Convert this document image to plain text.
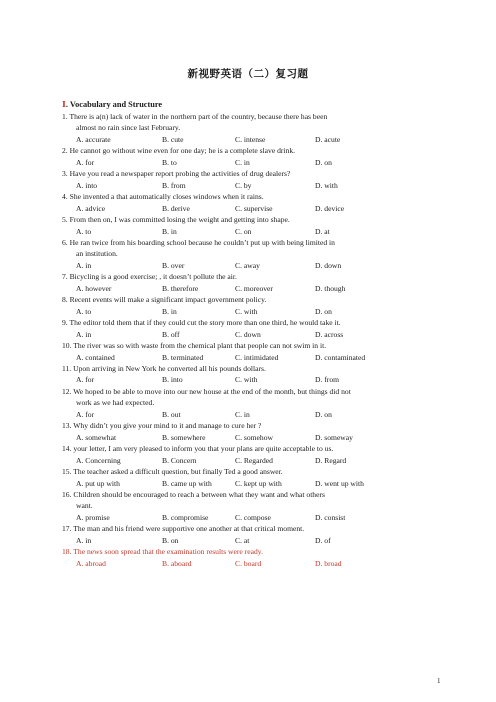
新视野英语（二）复习题
Ⅰ. Vocabulary and Structure
1. There is a(n) lack of water in the northern part of the country, because there has been
almost no rain since last February.
A. accurate	B. cute	C. intense	D. acute
2. He cannot go without wine even for one day; he is a complete slave drink.
A. for	B. to	C. in	D. on
3. Have you read a newspaper report probing the activities of drug dealers?
A. into	B. from	C. by	D. with
4. She invented a that automatically closes windows when it rains.
A. advice	B. derive	C. supervise	D. device
5. From then on, I was committed losing the weight and getting into shape.
A. to	B. in	C. on	D. at
6. He ran twice from his boarding school because he couldn’t put up with being limited in
an institution.
A. in	B. over	C. away	D. down
7. Bicycling is a good exercise; , it doesn’t pollute the air.
A. however	B. therefore	C. moreover	D. though
8. Recent events will make a significant impact government policy.
A. to	B. in	C. with	D. on
9. The editor told them that if they could cut the story more than one third, he would take it.
A. in	B. off	C. down	D. across
10. The river was so with waste from the chemical plant that people can not swim in it.
A. contained	B. terminated	C. intimidated	D. contaminated
11. Upon arriving in New York he converted all his pounds dollars.
A. for	B. into	C. with	D. from
12. We hoped to be able to move into our new house at the end of the month, but things did not
work as we had expected.
A. for	B. out	C. in	D. on
13. Why didn’t you give your mind to it and manage to cure her ?
A. somewhat	B. somewhere	C. somehow	D. someway
14. your letter, I am very pleased to inform you that your plans are quite acceptable to us.
A. Concerning	B. Concern	C. Regarded	D. Regard
15. The teacher asked a difficult question, but finally Ted a good answer.
A. put up with	B. came up with	C. kept up with	D. went up with
16. Children should be encouraged to reach a between what they want and what others
want.
A. promise	B. compromise	C. compose	D. consist
17. The man and his friend were supportive one another at that critical moment.
A. in	B. on	C. at	D. of
18. The news soon spread that the examination results were ready.
A. abroad	B. aboard	C. board	D. broad
1
